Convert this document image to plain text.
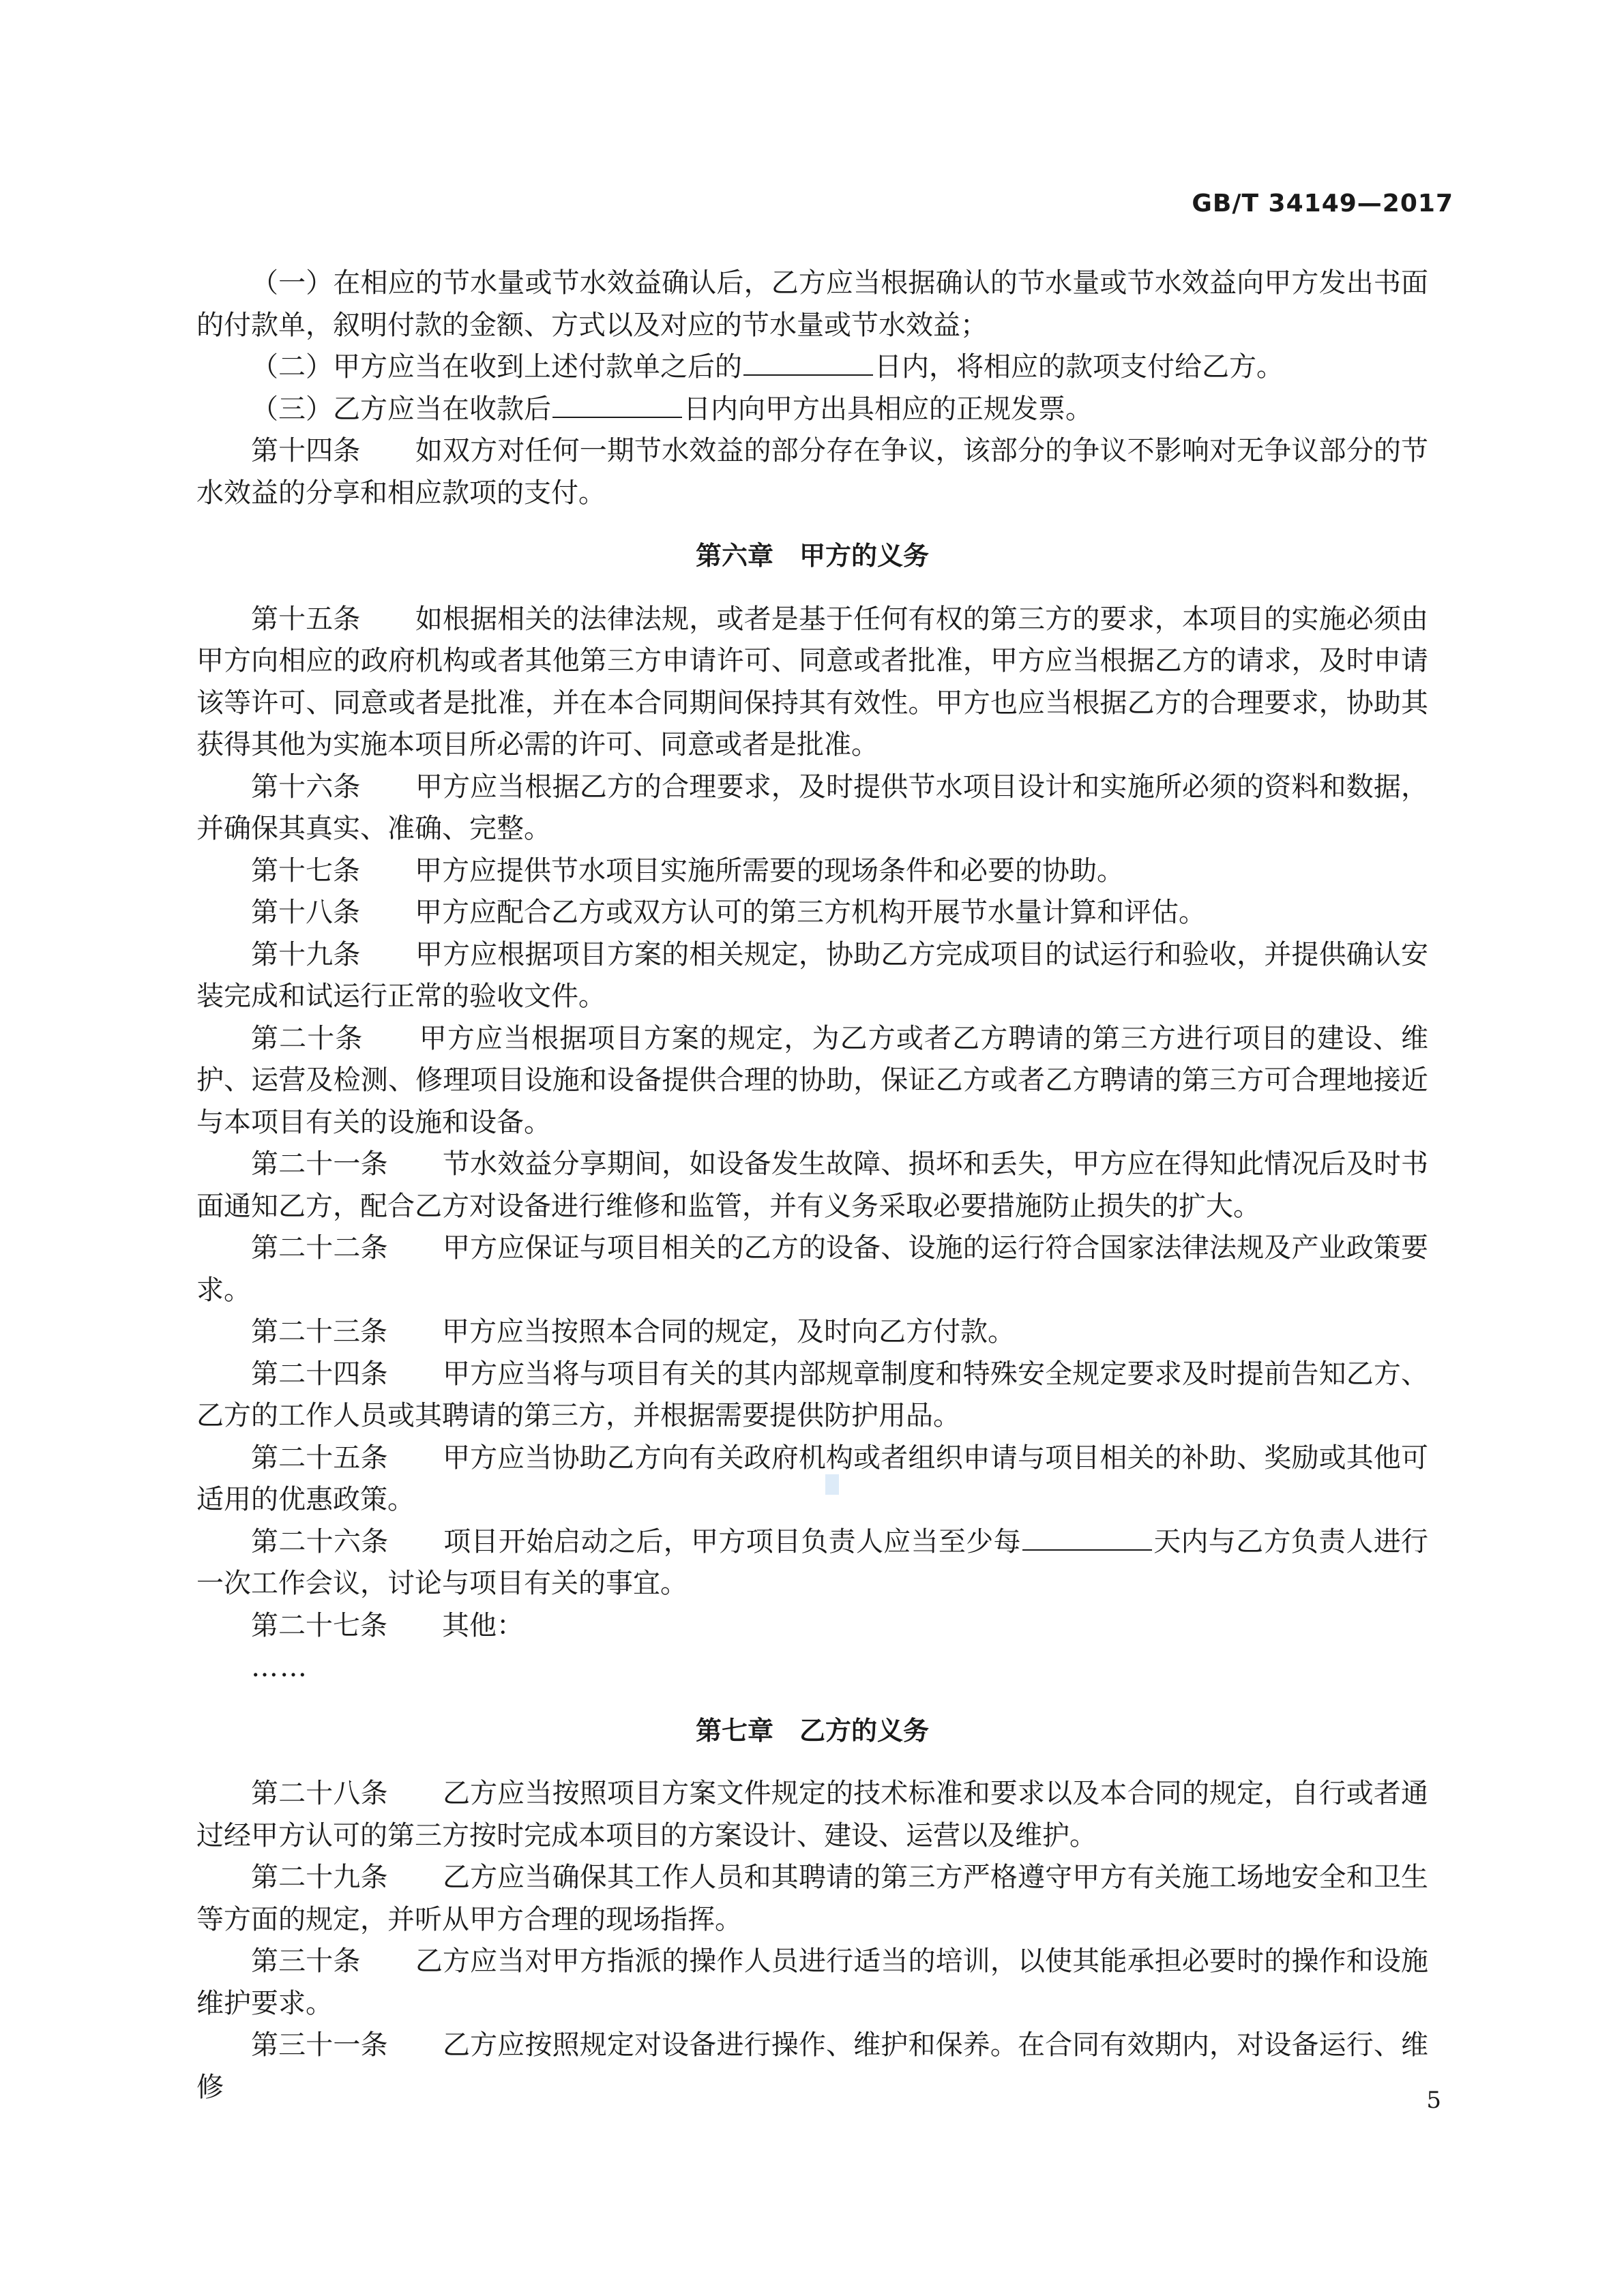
GB/T 34149—2017

（一）在相应的节水量或节水效益确认后，乙方应当根据确认的节水量或节水效益向甲方发出书面的付款单，叙明付款的金额、方式以及对应的节水量或节水效益；

（二）甲方应当在收到上述付款单之后的	日内，将相应的款项支付给乙方。

（三）乙方应当在收款后	日内向甲方出具相应的正规发票。

第十四条　　 如双方对任何一期节水效益的部分存在争议，该部分的争议不影响对无争议部分的节水效益的分享和相应款项的支付。

第六章　甲方的义务

第十五条　　 如根据相关的法律法规，或者是基于任何有权的第三方的要求，本项目的实施必须由甲方向相应的政府机构或者其他第三方申请许可、同意或者批准，甲方应当根据乙方的请求，及时申请该等许可、同意或者是批准，并在本合同期间保持其有效性。甲方也应当根据乙方的合理要求，协助其获得其他为实施本项目所必需的许可、同意或者是批准。

第十六条　　 甲方应当根据乙方的合理要求，及时提供节水项目设计和实施所必须的资料和数据，并确保其真实、准确、完整。

第十七条　　 甲方应提供节水项目实施所需要的现场条件和必要的协助。

第十八条　　 甲方应配合乙方或双方认可的第三方机构开展节水量计算和评估。

第十九条　　 甲方应根据项目方案的相关规定，协助乙方完成项目的试运行和验收，并提供确认安装完成和试运行正常的验收文件。

第二十条　　 甲方应当根据项目方案的规定，为乙方或者乙方聘请的第三方进行项目的建设、维护、运营及检测、修理项目设施和设备提供合理的协助，保证乙方或者乙方聘请的第三方可合理地接近与本项目有关的设施和设备。

第二十一条　　 节水效益分享期间，如设备发生故障、损坏和丢失，甲方应在得知此情况后及时书面通知乙方，配合乙方对设备进行维修和监管，并有义务采取必要措施防止损失的扩大。

第二十二条　　 甲方应保证与项目相关的乙方的设备、设施的运行符合国家法律法规及产业政策要求。

第二十三条　　 甲方应当按照本合同的规定，及时向乙方付款。

第二十四条　　 甲方应当将与项目有关的其内部规章制度和特殊安全规定要求及时提前告知乙方、乙方的工作人员或其聘请的第三方，并根据需要提供防护用品。

第二十五条　　 甲方应当协助乙方向有关政府机构或者组织申请与项目相关的补助、奖励或其他可适用的优惠政策。

第二十六条　　 项目开始启动之后，甲方项目负责人应当至少每	天内与乙方负责人进行一次工作会议，讨论与项目有关的事宜。

第二十七条　　 其他：

……

第七章　乙方的义务

第二十八条　　 乙方应当按照项目方案文件规定的技术标准和要求以及本合同的规定，自行或者通过经甲方认可的第三方按时完成本项目的方案设计、建设、运营以及维护。

第二十九条　　 乙方应当确保其工作人员和其聘请的第三方严格遵守甲方有关施工场地安全和卫生等方面的规定，并听从甲方合理的现场指挥。

第三十条　　 乙方应当对甲方指派的操作人员进行适当的培训，以使其能承担必要时的操作和设施维护要求。

第三十一条　　 乙方应按照规定对设备进行操作、维护和保养。在合同有效期内，对设备运行、维修	5
